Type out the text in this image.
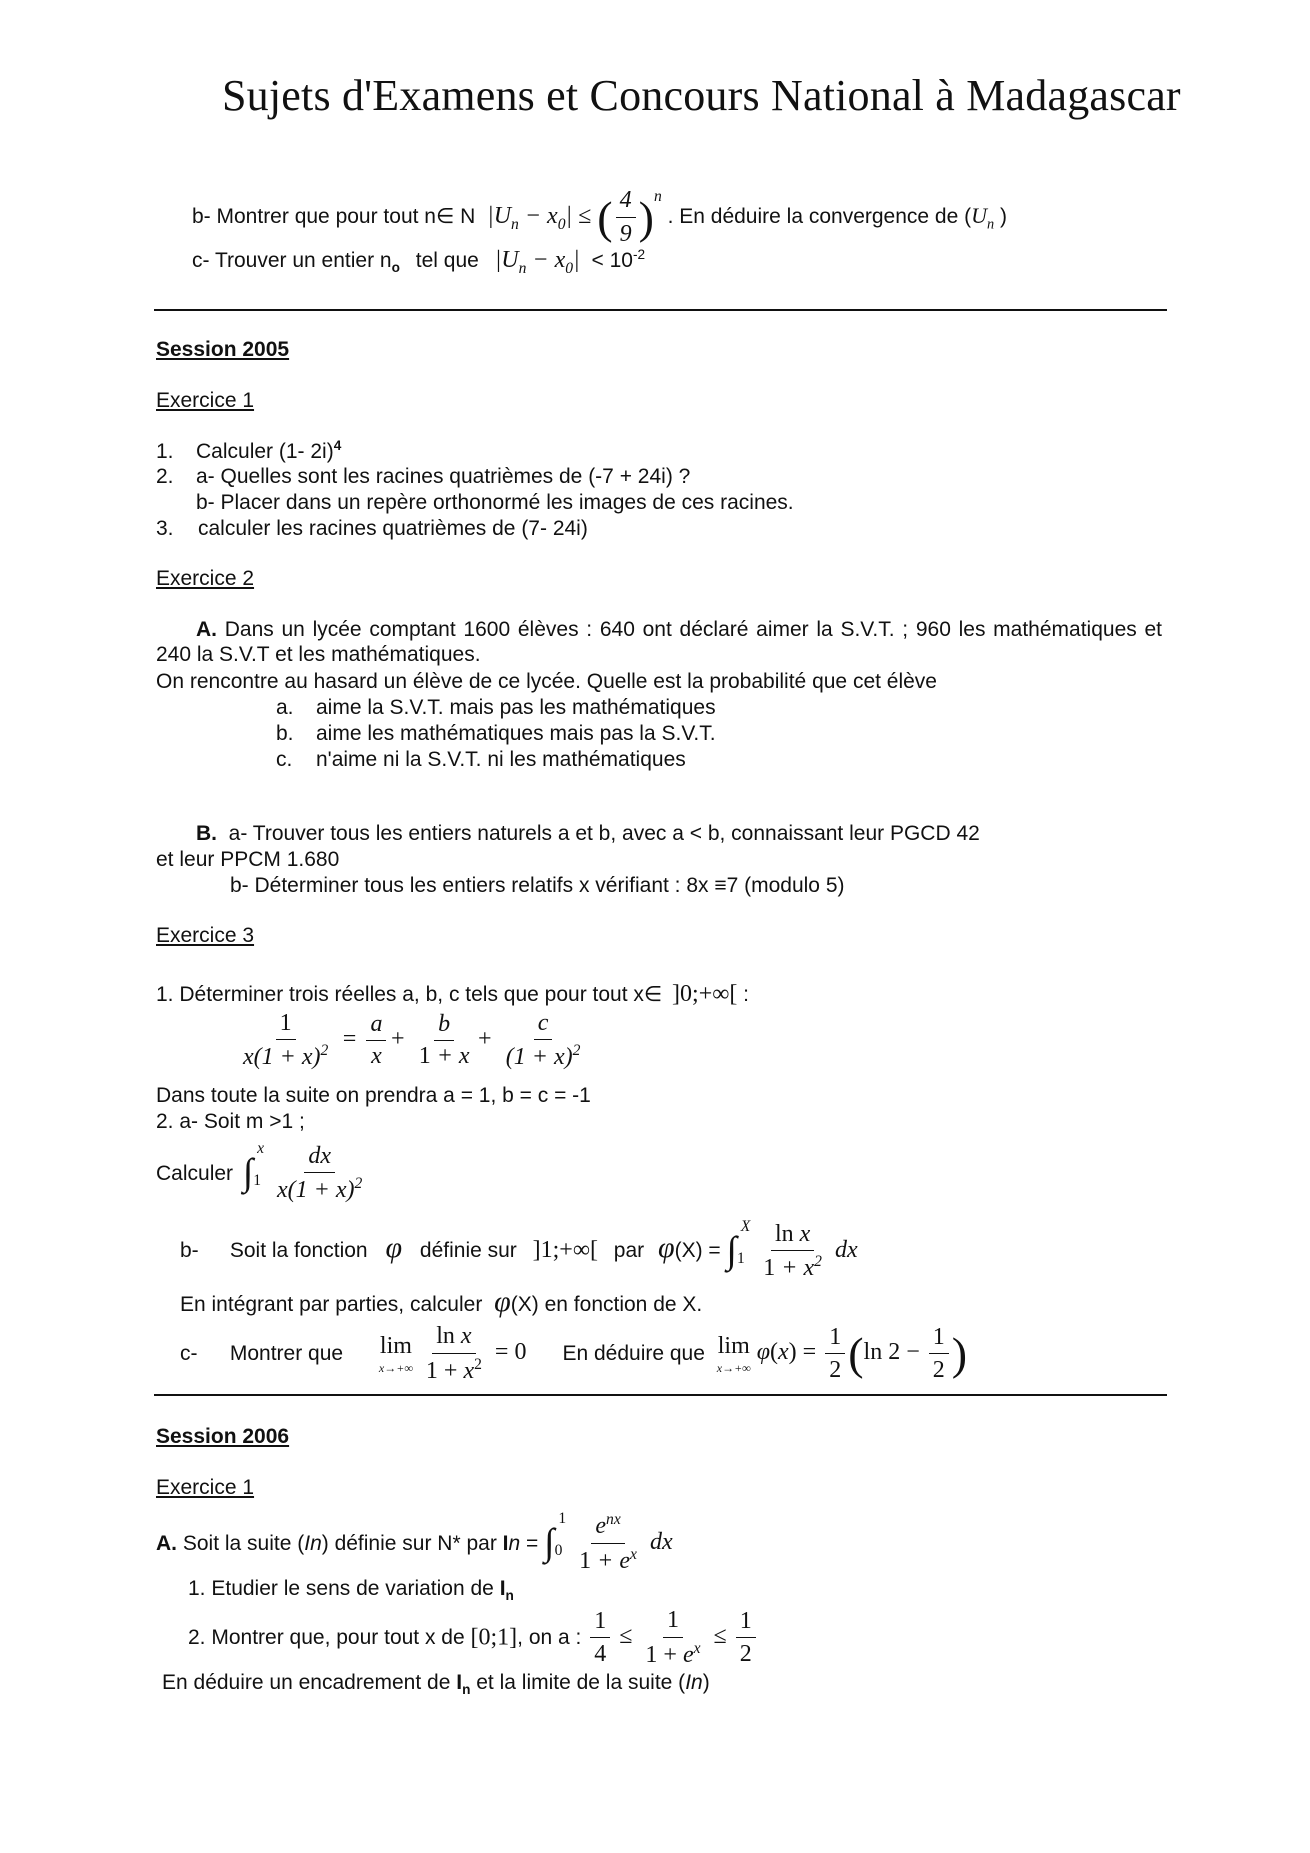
Sujets d'Examens et Concours National à Madagascar
b- Montrer que pour tout n∈ N $|U_n - x_0|$ ≤ ( $\frac{4}{9} )^n$ . En déduire la convergence de ($U_n$ )
c- Trouver un entier $n_o$ tel que $|U_n - x_0| < 10^{-2}$
Session 2005
Exercice 1
1. Calculer (1- 2i)$^4$
2. a- Quelles sont les racines quatrièmes de (-7 + 24i) ?
b- Placer dans un repère orthonormé les images de ces racines.
3. calculer les racines quatrièmes de (7- 24i)
Exercice 2
A. Dans un lycée comptant 1600 élèves : 640 ont déclaré aimer la S.V.T. ; 960 les mathématiques et 240 la S.V.T et les mathématiques.
On rencontre au hasard un élève de ce lycée. Quelle est la probabilité que cet élève
a. aime la S.V.T. mais pas les mathématiques
b. aime les mathématiques mais pas la S.V.T.
c. n'aime ni la S.V.T. ni les mathématiques
B. a- Trouver tous les entiers naturels a et b, avec a < b, connaissant leur PGCD 42
et leur PPCM 1.680
b- Déterminer tous les entiers relatifs x vérifiant : 8x ≡7 (modulo 5)
Exercice 3
1. Déterminer trois réelles a, b, c tels que pour tout x∈ ]0;+∞[ :
$\frac{1}{x(1 + x)^2} = \frac{a}{x} + \frac{b}{1 + x} + \frac{c}{(1 + x)^2}$
Dans toute la suite on prendra a = 1, b = c = -1
2. a- Soit m >1 ;
Calculer $\int_1^x \frac{dx}{x(1 + x)^2}$
b- Soit la fonction φ définie sur ]1;+∞[ par $\varphi(X) = \int_1^X \frac{\text{ln x}}{1 + x^2}$ dx
En intégrant par parties, calculer φ(X) en fonction de X.
c- Montrer que lim
x→+∞
$\frac{\text{ln x}}{1 + x^2} = 0$ En déduire que lim
x→+∞
$\varphi(x) = \frac{1}{2} (\ln$ $2 - \frac{1}{2}$ )
Session 2006
Exercice 1
A. Soit la suite (In) définie sur N* par $In = \int_0^1 \frac{e^{nx}}{1 + e^x}$ dx
1. Etudier le sens de variation de $I_n$
2. Montrer que, pour tout x de [0;1], on a : $\frac{1}{4} \le \frac{1}{1 + e^x} \le \frac{1}{2}$
En déduire un encadrement de $I_n$ et la limite de la suite (In)
